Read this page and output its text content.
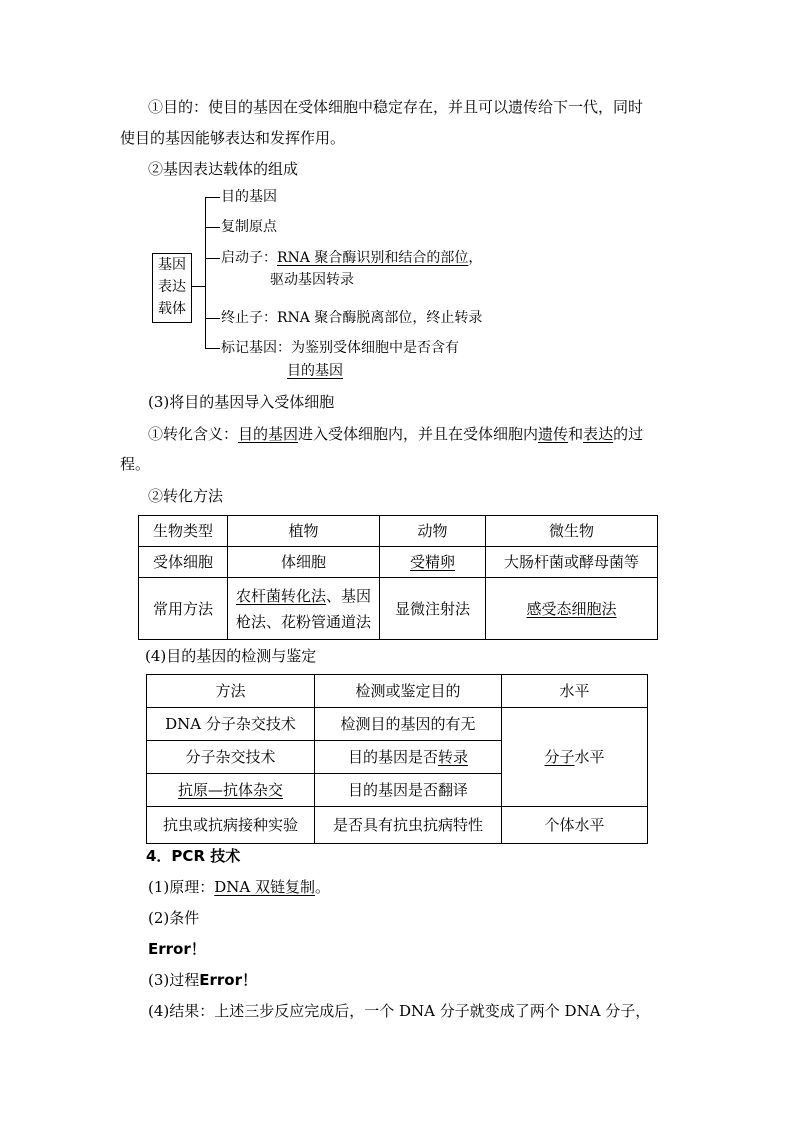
①目的：使目的基因在受体细胞中稳定存在，并且可以遗传给下一代，同时
使目的基因能够表达和发挥作用。
②基因表达载体的组成
基因
表达
载体
目的基因
复制原点
启动子：RNA 聚合酶识别和结合的部位，
驱动基因转录
终止子：RNA 聚合酶脱离部位，终止转录
标记基因：为鉴别受体细胞中是否含有
目的基因
(3)将目的基因导入受体细胞
①转化含义：目的基因进入受体细胞内，并且在受体细胞内遗传和表达的过
程。
②转化方法
生物类型	植物	动物	微生物
受体细胞	体细胞	受精卵	大肠杆菌或酵母菌等
常用方法	农杆菌转化法、基因
枪法、花粉管通道法	显微注射法	感受态细胞法
(4)目的基因的检测与鉴定
方法	检测或鉴定目的	水平
DNA 分子杂交技术	检测目的基因的有无	分子水平
分子杂交技术	目的基因是否转录	
抗原—抗体杂交	目的基因是否翻译	
抗虫或抗病接种实验	是否具有抗虫抗病特性	个体水平
4．PCR 技术
(1)原理：DNA 双链复制。
(2)条件
Error！
(3)过程Error！
(4)结果：上述三步反应完成后，一个 DNA 分子就变成了两个 DNA 分子，
